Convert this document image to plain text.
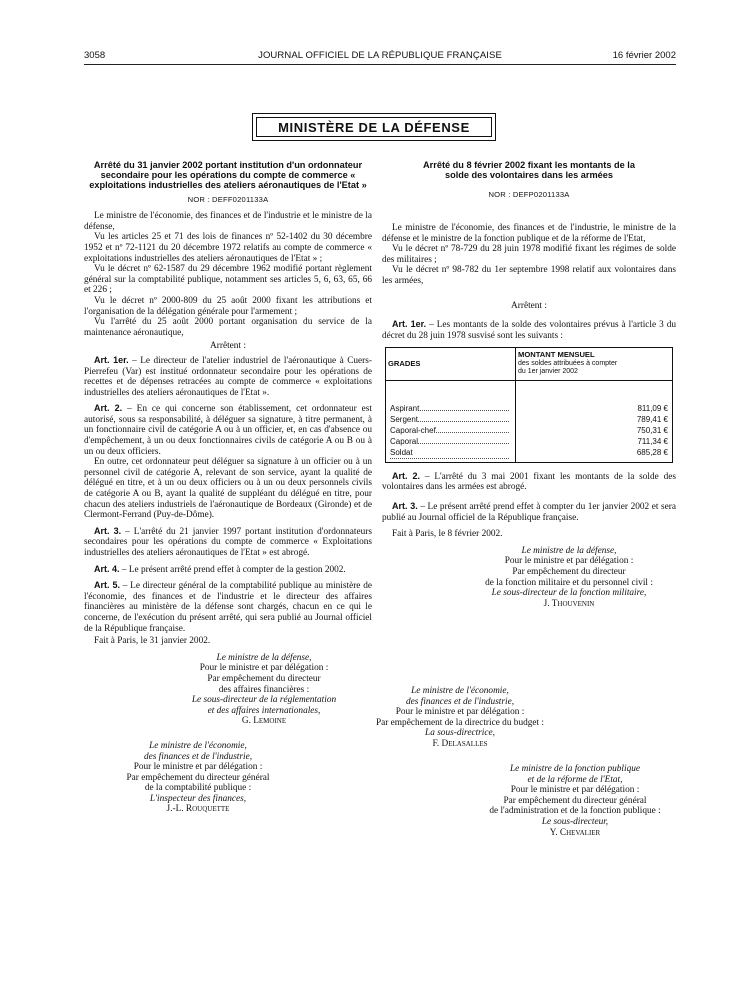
3058	JOURNAL OFFICIEL DE LA RÉPUBLIQUE FRANÇAISE	16 février 2002
MINISTÈRE DE LA DÉFENSE
Arrêté du 31 janvier 2002 portant institution d'un ordonnateur secondaire pour les opérations du compte de commerce « exploitations industrielles des ateliers aéronautiques de l'Etat »
NOR : DEFF0201133A

Le ministre de l'économie, des finances et de l'industrie et le ministre de la défense,

Vu les articles 25 et 71 des lois de finances nº 52-1402 du 30 décembre 1952 et nº 72-1121 du 20 décembre 1972 relatifs au compte de commerce « exploitations industrielles des ateliers aéronautiques de l'Etat » ;

Vu le décret nº 62-1587 du 29 décembre 1962 modifié portant règlement général sur la comptabilité publique, notamment ses articles 5, 6, 63, 65, 66 et 226 ;

Vu le décret nº 2000-809 du 25 août 2000 fixant les attributions et l'organisation de la délégation générale pour l'armement ;

Vu l'arrêté du 25 août 2000 portant organisation du service de la maintenance aéronautique,

Arrêtent :

Art. 1er. – Le directeur de l'atelier industriel de l'aéronautique à Cuers-Pierrefeu (Var) est institué ordonnateur secondaire pour les opérations de recettes et de dépenses retracées au compte de commerce « exploitations industrielles des ateliers aéronautiques de l'Etat ».

Art. 2. – En ce qui concerne son établissement, cet ordonnateur est autorisé, sous sa responsabilité, à déléguer sa signature, à titre permanent, à un fonctionnaire civil de catégorie A ou à un officier, et, en cas d'absence ou d'empêchement, à un ou deux fonctionnaires civils de catégorie A ou B ou à un ou deux officiers.

En outre, cet ordonnateur peut déléguer sa signature à un officier ou à un personnel civil de catégorie A, relevant de son service, ayant la qualité de délégué en titre, et à un ou deux officiers ou à un ou deux personnels civils de catégorie A ou B, ayant la qualité de suppléant du délégué en titre, pour chacun des ateliers industriels de l'aéronautique de Bordeaux (Gironde) et de Clermont-Ferrand (Puy-de-Dôme).

Art. 3. – L'arrêté du 21 janvier 1997 portant institution d'ordonnateurs secondaires pour les opérations du compte de commerce « Exploitations industrielles des ateliers aéronautiques de l'Etat » est abrogé.

Art. 4. – Le présent arrêté prend effet à compter de la gestion 2002.

Art. 5. – Le directeur général de la comptabilité publique au ministère de l'économie, des finances et de l'industrie et le directeur des affaires financières au ministère de la défense sont chargés, chacun en ce qui le concerne, de l'exécution du présent arrêté, qui sera publié au Journal officiel de la République française.

Fait à Paris, le 31 janvier 2002.

Le ministre de la défense,
Pour le ministre et par délégation :
Par empêchement du directeur
des affaires financières :
Le sous-directeur de la réglementation
et des affaires internationales,
G. Lemoine
Le ministre de l'économie,
des finances et de l'industrie,
Pour le ministre et par délégation :
Par empêchement du directeur général
de la comptabilité publique :
L'inspecteur des finances,
J.-L. Rouquette
Arrêté du 8 février 2002 fixant les montants de la solde des volontaires dans les armées
NOR : DEFP0201133A

Le ministre de l'économie, des finances et de l'industrie, le ministre de la défense et le ministre de la fonction publique et de la réforme de l'Etat,

Vu le décret nº 78-729 du 28 juin 1978 modifié fixant les régimes de solde des militaires ;

Vu le décret nº 98-782 du 1er septembre 1998 relatif aux volontaires dans les armées,

Arrêtent :

Art. 1er. – Les montants de la solde des volontaires prévus à l'article 3 du décret du 28 juin 1978 susvisé sont les suivants :

GRADES	MONTANT MENSUEL
des soldes attribuées à compter
du 1er janvier 2002

Aspirant	811,09 €
Sergent	789,41 €
Caporal-chef	750,31 €
Caporal	711,34 €
Soldat	685,28 €

Art. 2. – L'arrêté du 3 mai 2001 fixant les montants de la solde des volontaires dans les armées est abrogé.

Art. 3. – Le présent arrêté prend effet à compter du 1er janvier 2002 et sera publié au Journal officiel de la République française.

Fait à Paris, le 8 février 2002.

Le ministre de la défense,
Pour le ministre et par délégation :
Par empêchement du directeur
de la fonction militaire et du personnel civil :
Le sous-directeur de la fonction militaire,
J. Thouvenin
Le ministre de l'économie,
des finances et de l'industrie,
Pour le ministre et par délégation :
Par empêchement de la directrice du budget :
La sous-directrice,
F. Delasalles
Le ministre de la fonction publique
et de la réforme de l'Etat,
Pour le ministre et par délégation :
Par empêchement du directeur général
de l'administration et de la fonction publique :
Le sous-directeur,
Y. Chevalier
